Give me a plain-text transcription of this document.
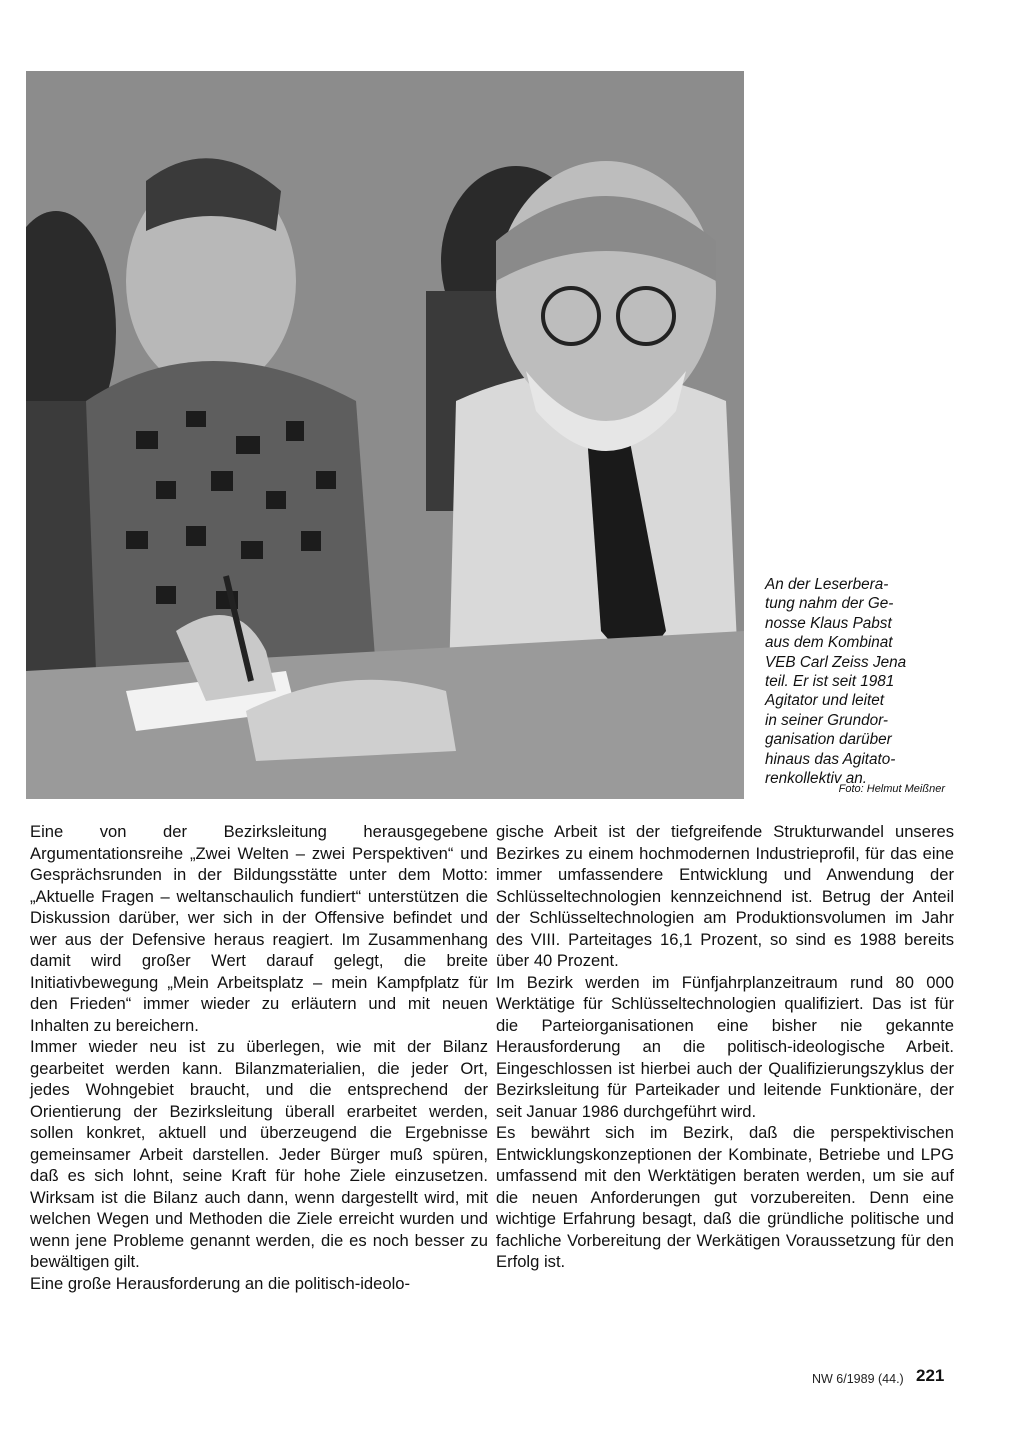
An der Leserbera-

tung nahm der Ge-

nosse Klaus Pabst

aus dem Kombinat

VEB Carl Zeiss Jena

teil. Er ist seit 1981

Agitator und leitet

in seiner Grundor-

ganisation darüber

hinaus das Agitato-

renkollektiv an.

Foto: Helmut Meißner

Eine von der Bezirksleitung herausgegebene Argumentationsreihe „Zwei Welten – zwei Perspektiven“ und Gesprächsrunden in der Bildungsstätte unter dem Motto: „Aktuelle Fragen – weltanschaulich fundiert“ unterstützen die Diskussion darüber, wer sich in der Offensive befindet und wer aus der Defensive heraus reagiert. Im Zusammenhang damit wird großer Wert darauf gelegt, die breite Initiativbewegung „Mein Arbeitsplatz – mein Kampfplatz für den Frieden“ immer wieder zu erläutern und mit neuen Inhalten zu bereichern.

Immer wieder neu ist zu überlegen, wie mit der Bilanz gearbeitet werden kann. Bilanzmaterialien, die jeder Ort, jedes Wohngebiet braucht, und die entsprechend der Orientierung der Bezirksleitung überall erarbeitet werden, sollen konkret, aktuell und überzeugend die Ergebnisse gemeinsamer Arbeit darstellen. Jeder Bürger muß spüren, daß es sich lohnt, seine Kraft für hohe Ziele einzusetzen. Wirksam ist die Bilanz auch dann, wenn dargestellt wird, mit welchen Wegen und Methoden die Ziele erreicht wurden und wenn jene Probleme genannt werden, die es noch besser zu bewältigen gilt.

Eine große Herausforderung an die politisch-ideolo-

gische Arbeit ist der tiefgreifende Strukturwandel unseres Bezirkes zu einem hochmodernen Industrieprofil, für das eine immer umfassendere Entwicklung und Anwendung der Schlüsseltechnologien kennzeichnend ist. Betrug der Anteil der Schlüsseltechnologien am Produktionsvolumen im Jahr des VIII. Parteitages 16,1 Prozent, so sind es 1988 bereits über 40 Prozent.

Im Bezirk werden im Fünfjahrplanzeitraum rund 80 000 Werktätige für Schlüsseltechnologien qualifiziert. Das ist für die Parteiorganisationen eine bisher nie gekannte Herausforderung an die politisch-ideologische Arbeit. Eingeschlossen ist hierbei auch der Qualifizierungszyklus der Bezirksleitung für Parteikader und leitende Funktionäre, der seit Januar 1986 durchgeführt wird.

Es bewährt sich im Bezirk, daß die perspektivischen Entwicklungskonzeptionen der Kombinate, Betriebe und LPG umfassend mit den Werktätigen beraten werden, um sie auf die neuen Anforderungen gut vorzubereiten. Denn eine wichtige Erfahrung besagt, daß die gründliche politische und fachliche Vorbereitung der Werkätigen Voraussetzung für den Erfolg ist.

NW 6/1989 (44.) 221
